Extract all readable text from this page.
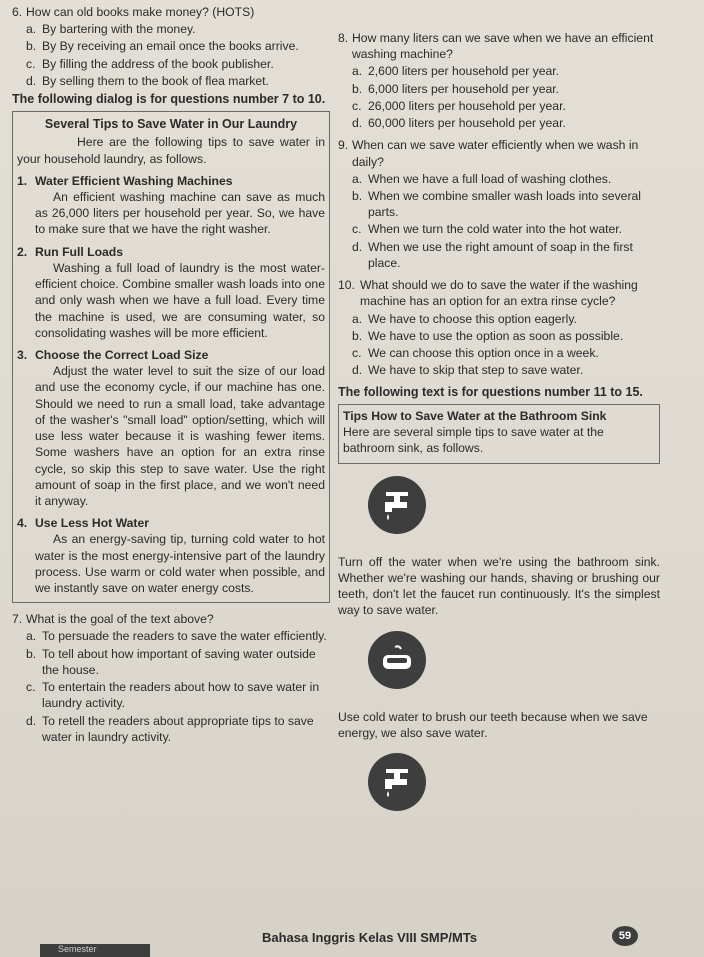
6. How can old books make money? (HOTS)
a. By bartering with the money.
b. By By receiving an email once the books arrive.
c. By filling the address of the book publisher.
d. By selling them to the book of flea market.
The following dialog is for questions number 7 to 10.
Several Tips to Save Water in Our Laundry

Here are the following tips to save water in your household laundry, as follows.

1. Water Efficient Washing Machines

An efficient washing machine can save as much as 26,000 liters per household per year. So, we have to make sure that we have the right washer.

2. Run Full Loads

Washing a full load of laundry is the most water-efficient choice. Combine smaller wash loads into one and only wash when we have a full load. Every time the machine is used, we are consuming water, so consolidating washes will be more efficient.

3. Choose the Correct Load Size

Adjust the water level to suit the size of our load and use the economy cycle, if our machine has one. Should we need to run a small load, take advantage of the washer's "small load" option/setting, which will use less water because it is washing fewer items. Some washers have an option for an extra rinse cycle, so skip this step to save water. Use the right amount of soap in the first place, and we won't need it anyway.

4. Use Less Hot Water

As an energy-saving tip, turning cold water to hot water is the most energy-intensive part of the laundry process. Use warm or cold water when possible, and we instantly save on water energy costs.

7. What is the goal of the text above?
a. To persuade the readers to save the water efficiently.
b. To tell about how important of saving water outside the house.
c. To entertain the readers about how to save water in laundry activity.
d. To retell the readers about appropriate tips to save water in laundry activity.
8. How many liters can we save when we have an efficient washing machine?
a. 2,600 liters per household per year.
b. 6,000 liters per household per year.
c. 26,000 liters per household per year.
d. 60,000 liters per household per year.
9. When can we save water efficiently when we wash in daily?
a. When we have a full load of washing clothes.
b. When we combine smaller wash loads into several parts.
c. When we turn the cold water into the hot water.
d. When we use the right amount of soap in the first place.
10. What should we do to save the water if the washing machine has an option for an extra rinse cycle?
a. We have to choose this option eagerly.
b. We have to use the option as soon as possible.
c. We can choose this option once in a week.
d. We have to skip that step to save water.
The following text is for questions number 11 to 15.
Tips How to Save Water at the Bathroom Sink

Here are several simple tips to save water at the bathroom sink, as follows.

Turn off the water when we're using the bathroom sink. Whether we're washing our hands, shaving or brushing our teeth, don't let the faucet run continuously. It's the simplest way to save water.

Use cold water to brush our teeth because when we save energy, we also save water.

Bahasa Inggris Kelas VIII SMP/MTs	59
Semester
